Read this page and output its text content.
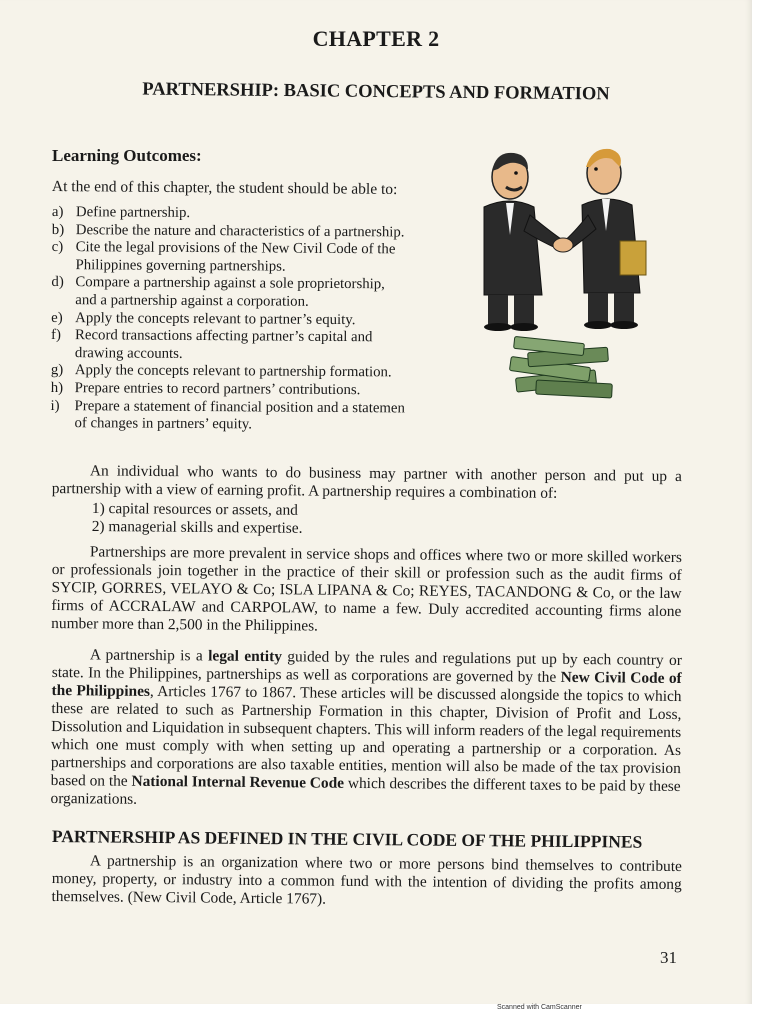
CHAPTER 2
PARTNERSHIP: BASIC CONCEPTS AND FORMATION
Learning Outcomes:
At the end of this chapter, the student should be able to:
a) Define partnership.
b) Describe the nature and characteristics of a partnership.
c) Cite the legal provisions of the New Civil Code of the
Philippines governing partnerships.
d) Compare a partnership against a sole proprietorship,
and a partnership against a corporation.
e) Apply the concepts relevant to partner’s equity.
f) Record transactions affecting partner’s capital and
drawing accounts.
g) Apply the concepts relevant to partnership formation.
h) Prepare entries to record partners’ contributions.
i) Prepare a statement of financial position and a statemen
of changes in partners’ equity.

An individual who wants to do business may partner with another person and put up a partnership with a view of earning profit. A partnership requires a combination of:

1) capital resources or assets, and
2) managerial skills and expertise.

Partnerships are more prevalent in service shops and offices where two or more skilled workers or professionals join together in the practice of their skill or profession such as the audit firms of SYCIP, GORRES, VELAYO & Co; ISLA LIPANA & Co; REYES, TACANDONG & Co, or the law firms of ACCRALAW and CARPOLAW, to name a few. Duly accredited accounting firms alone number more than 2,500 in the Philippines.

A partnership is a legal entity guided by the rules and regulations put up by each country or state. In the Philippines, partnerships as well as corporations are governed by the New Civil Code of the Philippines, Articles 1767 to 1867. These articles will be discussed alongside the topics to which these are related to such as Partnership Formation in this chapter, Division of Profit and Loss, Dissolution and Liquidation in subsequent chapters. This will inform readers of the legal requirements which one must comply with when setting up and operating a partnership or a corporation. As partnerships and corporations are also taxable entities, mention will also be made of the tax provision based on the National Internal Revenue Code which describes the different taxes to be paid by these organizations.

PARTNERSHIP AS DEFINED IN THE CIVIL CODE OF THE PHILIPPINES

A partnership is an organization where two or more persons bind themselves to contribute money, property, or industry into a common fund with the intention of dividing the profits among themselves. (New Civil Code, Article 1767).

31
Scanned with CamScanner
